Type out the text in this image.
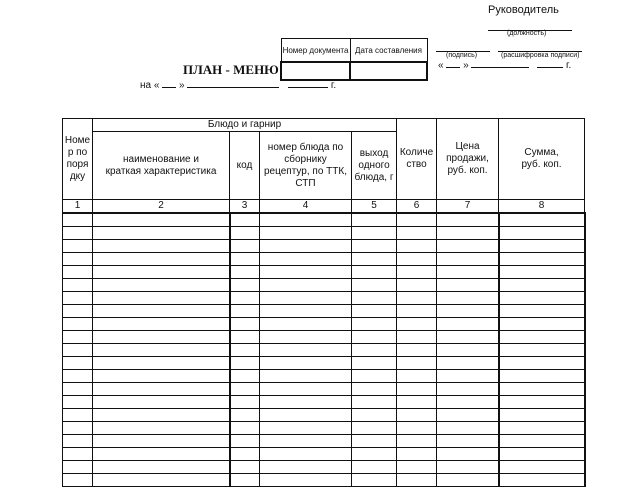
Руководитель
(должность)
(подпись)	(расшифровка подписи)
« »	г.
Номер документа	Дата составления

ПЛАН - МЕНЮ
на « »	г.
Номер по порядку	Блюдо и гарнир				Количество	Цена продажи, руб. коп.	Сумма, руб. коп.

	наименование и краткая характеристика	код	номер блюда по сборнику рецептур, по ТТК, СТП	выход одного блюда, г			

1	2	3	4	5	6	7	8
